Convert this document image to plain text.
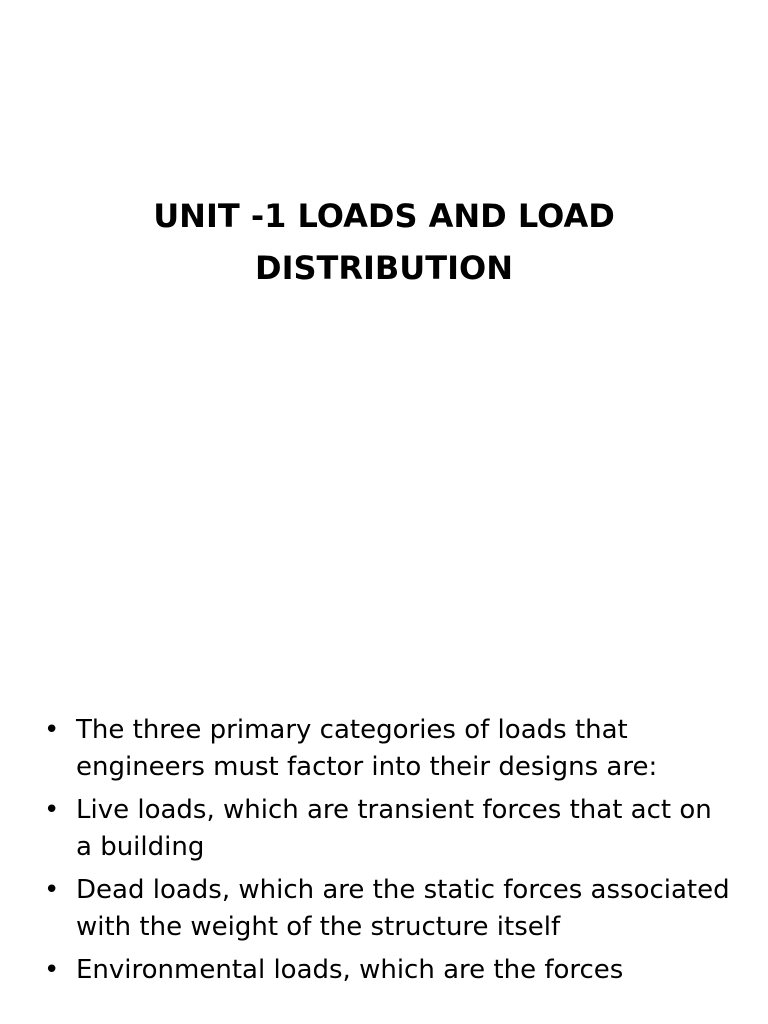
UNIT -1 LOADS AND LOAD
DISTRIBUTION
• The three primary categories of loads that engineers must factor into their designs are:
• Live loads, which are transient forces that act on a building
• Dead loads, which are the static forces associated with the weight of the structure itself
• Environmental loads, which are the forces
